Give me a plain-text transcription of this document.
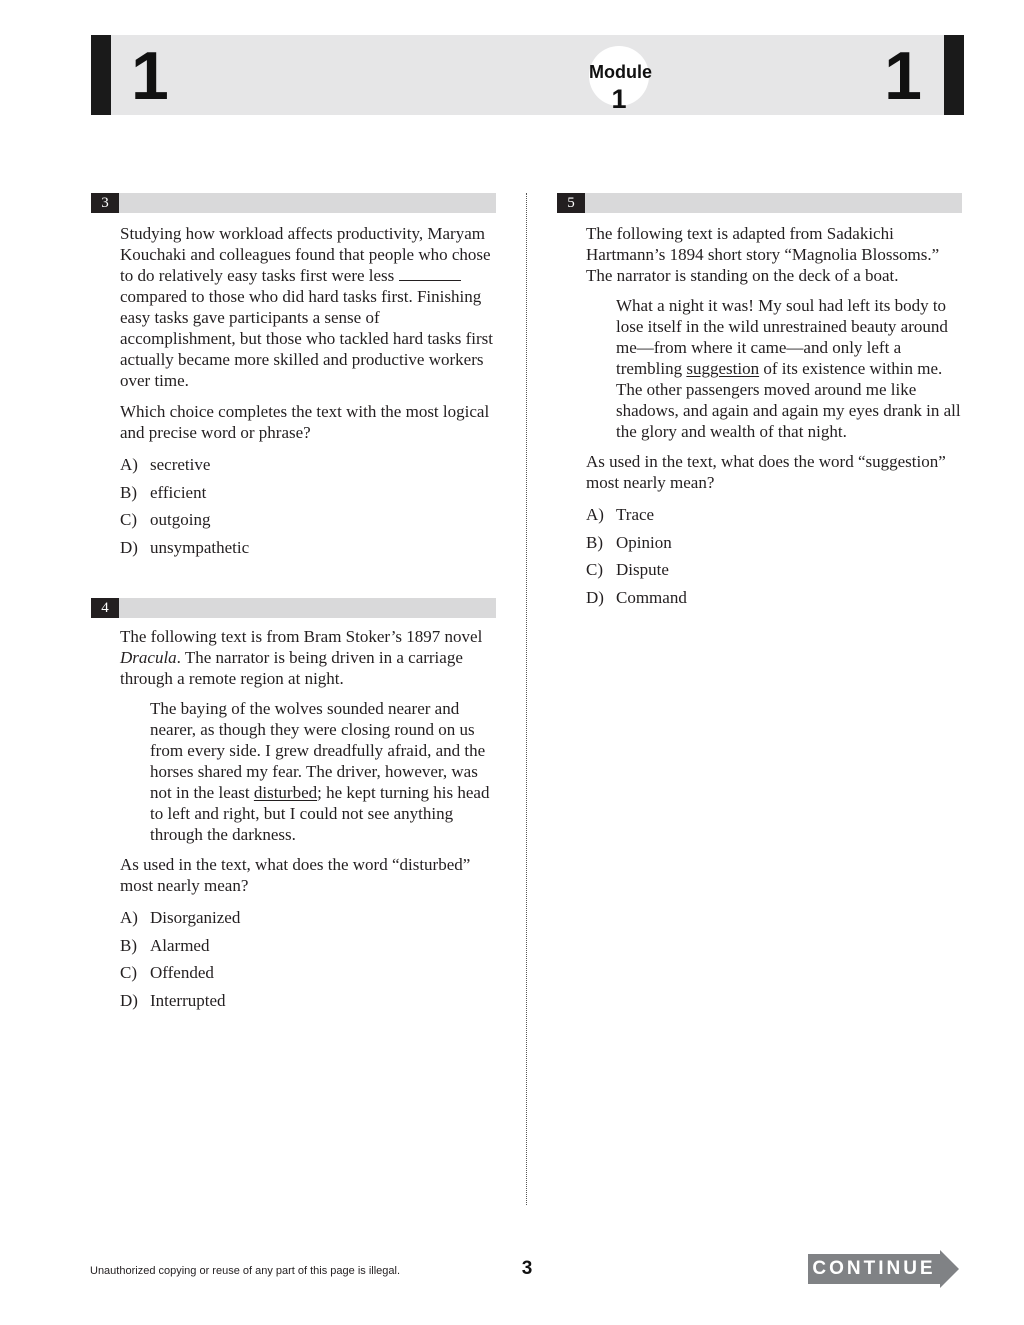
1	Module
1	1
3

Studying how workload affects productivity, Maryam Kouchaki and colleagues found that people who chose to do relatively easy tasks first were less   compared to those who did hard tasks first. Finishing easy tasks gave participants a sense of accomplishment, but those who tackled hard tasks first actually became more skilled and productive workers over time.

Which choice completes the text with the most logical and precise word or phrase?

A) secretive
B) efficient
C) outgoing
D) unsympathetic
4

The following text is from Bram Stoker’s 1897 novel Dracula. The narrator is being driven in a carriage through a remote region at night.

The baying of the wolves sounded nearer and nearer, as though they were closing round on us from every side. I grew dreadfully afraid, and the horses shared my fear. The driver, however, was not in the least disturbed; he kept turning his head to left and right, but I could not see anything through the darkness.

As used in the text, what does the word “disturbed” most nearly mean?

A) Disorganized
B) Alarmed
C) Offended
D) Interrupted
5

The following text is adapted from Sadakichi Hartmann’s 1894 short story “Magnolia Blossoms.” The narrator is standing on the deck of a boat.

What a night it was! My soul had left its body to lose itself in the wild unrestrained beauty around me—from where it came—and only left a trembling suggestion of its existence within me. The other passengers moved around me like shadows, and again and again my eyes drank in all the glory and wealth of that night.

As used in the text, what does the word “suggestion” most nearly mean?

A) Trace
B) Opinion
C) Dispute
D) Command
Unauthorized copying or reuse of any part of this page is illegal.	3	CONTINUE
